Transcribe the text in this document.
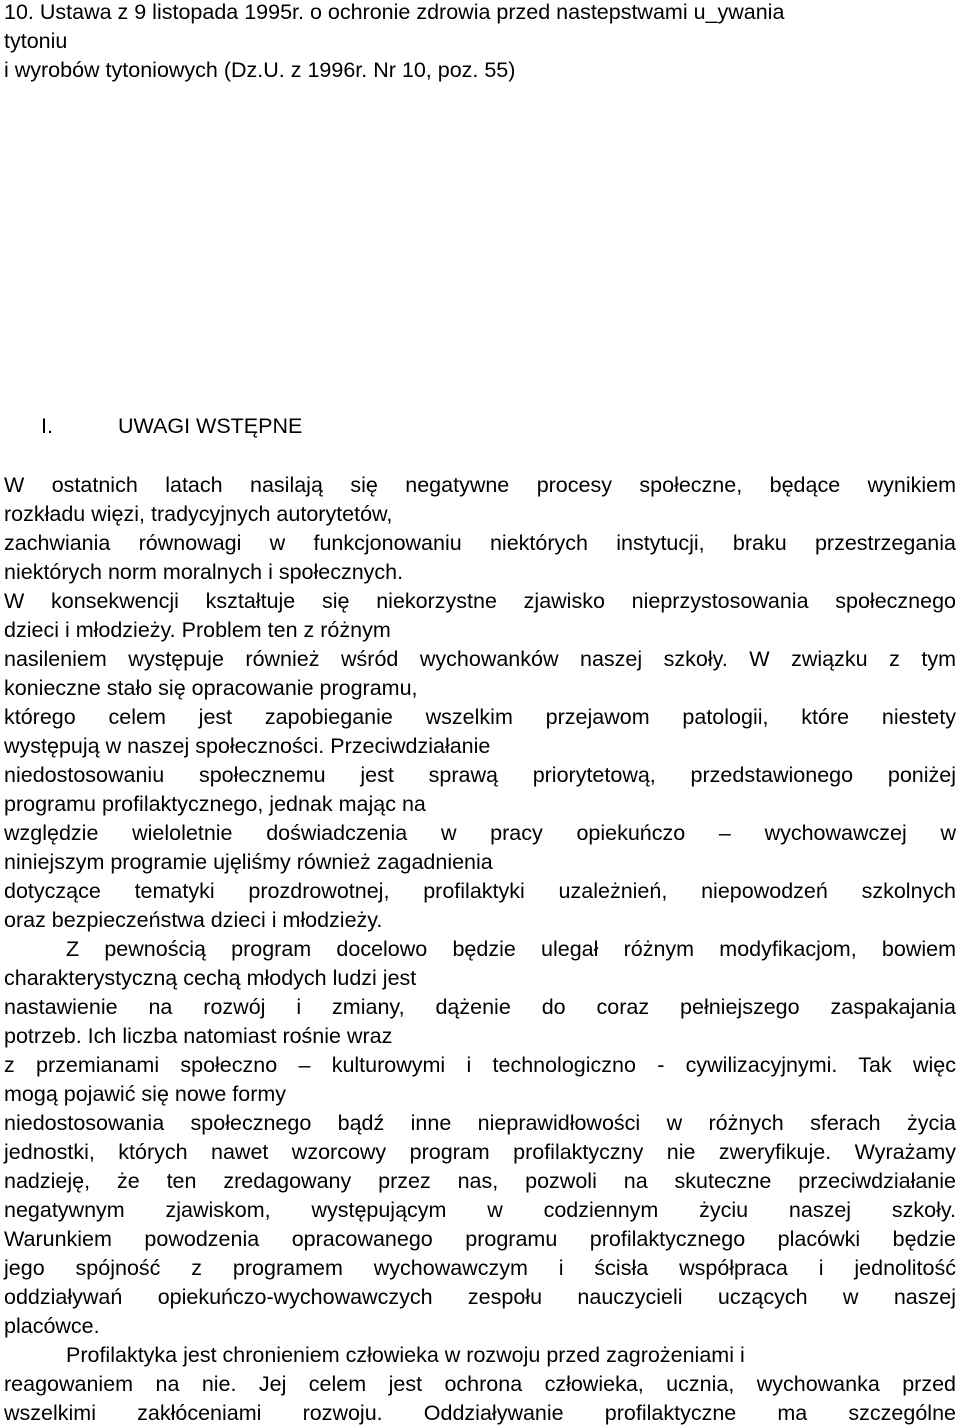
10. Ustawa z 9 listopada 1995r. o ochronie zdrowia przed nastepstwami u_ywania
tytoniu
i wyrobów tytoniowych (Dz.U. z 1996r. Nr 10, poz. 55)
I.	UWAGI WSTĘPNE
W ostatnich latach nasilają się negatywne procesy społeczne, będące wynikiem
rozkładu więzi, tradycyjnych autorytetów,
zachwiania równowagi w funkcjonowaniu niektórych instytucji, braku przestrzegania
niektórych norm moralnych i społecznych.
W konsekwencji kształtuje się niekorzystne zjawisko nieprzystosowania społecznego
dzieci i młodzieży. Problem ten z różnym
nasileniem występuje również wśród wychowanków naszej szkoły. W związku z tym
konieczne stało się opracowanie programu,
którego celem jest zapobieganie wszelkim przejawom patologii, które niestety
występują w naszej społeczności. Przeciwdziałanie
niedostosowaniu społecznemu jest sprawą priorytetową, przedstawionego poniżej
programu profilaktycznego, jednak mając na
względzie wieloletnie doświadczenia w pracy opiekuńczo – wychowawczej w
niniejszym programie ujęliśmy również zagadnienia
dotyczące tematyki prozdrowotnej, profilaktyki uzależnień, niepowodzeń szkolnych
oraz bezpieczeństwa dzieci i młodzieży.
Z pewnością program docelowo będzie ulegał różnym modyfikacjom, bowiem
charakterystyczną cechą młodych ludzi jest
nastawienie na rozwój i zmiany, dążenie do coraz pełniejszego zaspakajania
potrzeb. Ich liczba natomiast rośnie wraz
z przemianami społeczno – kulturowymi i technologiczno - cywilizacyjnymi. Tak więc
mogą pojawić się nowe formy
niedostosowania społecznego bądź inne nieprawidłowości w różnych sferach życia
jednostki, których nawet wzorcowy program profilaktyczny nie zweryfikuje. Wyrażamy
nadzieję, że ten zredagowany przez nas, pozwoli na skuteczne przeciwdziałanie
negatywnym zjawiskom, występującym w codziennym życiu naszej szkoły.
Warunkiem powodzenia opracowanego programu profilaktycznego placówki będzie
jego spójność z programem wychowawczym i ścisła współpraca i jednolitość
oddziaływań opiekuńczo-wychowawczych zespołu nauczycieli uczących w naszej
placówce.
Profilaktyka jest chronieniem człowieka w rozwoju przed zagrożeniami i
reagowaniem na nie. Jej celem jest ochrona człowieka, ucznia, wychowanka przed
wszelkimi zakłóceniami rozwoju. Oddziaływanie profilaktyczne ma szczególne
